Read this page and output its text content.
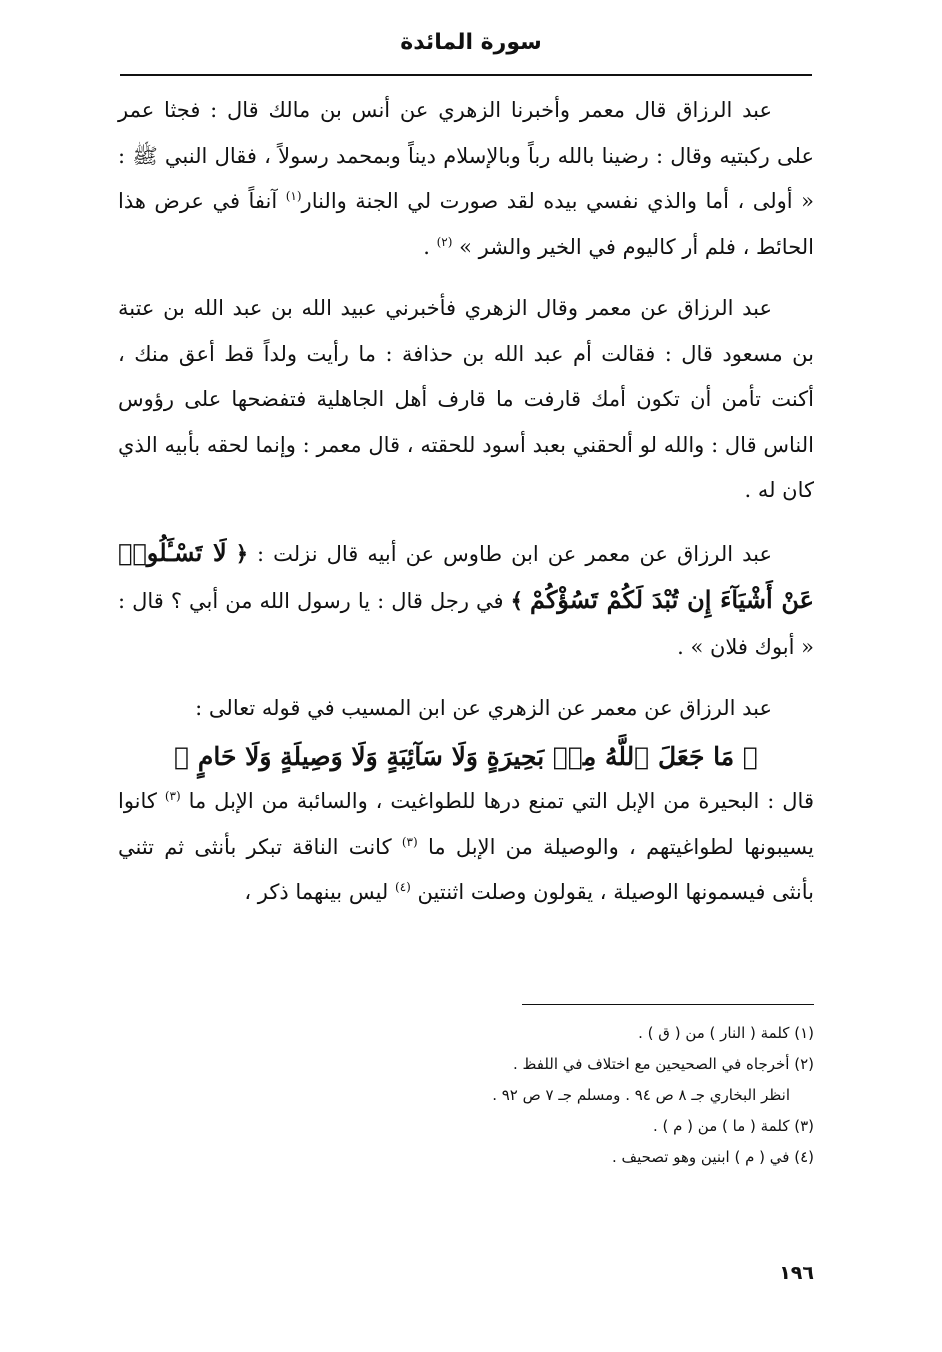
سورة المائدة

عبد الرزاق قال معمر وأخبرنا الزهري عن أنس بن مالك قال : فجثا عمر على ركبتيه وقال : رضينا بالله رباً وبالإسلام ديناً وبمحمد رسولاً ، فقال النبي ﷺ : « أولى ، أما والذي نفسي بيده لقد صورت لي الجنة والنار$^{(١)}$ آنفاً في عرض هذا الحائط ، فلم أر كاليوم في الخير والشر » $^{(٢)}$ .

عبد الرزاق عن معمر وقال الزهري فأخبرني عبيد الله بن عبد الله بن عتبة بن مسعود قال : فقالت أم عبد الله بن حذافة : ما رأيت ولداً قط أعق منك ، أكنت تأمن أن تكون أمك قارفت ما قارف أهل الجاهلية فتفضحها على رؤوس الناس قال : والله لو ألحقني بعبد أسود للحقته ، قال معمر : وإنما لحقه بأبيه الذي كان له .

عبد الرزاق عن معمر عن ابن طاوس عن أبيه قال نزلت : ﴿ لَا تَسْـَٔلُوا۟ عَنْ أَشْيَآءَ إِن تُبْدَ لَكُمْ تَسُؤْكُمْ ﴾ في رجل قال : يا رسول الله من أبي ؟ قال : « أبوك فلان » .

عبد الرزاق عن معمر عن الزهري عن ابن المسيب في قوله تعالى :

﴿ مَا جَعَلَ ٱللَّهُ مِنۢ بَحِيرَةٍ وَلَا سَآئِبَةٍ وَلَا وَصِيلَةٍ وَلَا حَامٍ ﴾

قال : البحيرة من الإبل التي تمنع درها للطواغيت ، والسائبة من الإبل ما $^{(٣)}$ كانوا يسيبونها لطواغيتهم ، والوصيلة من الإبل ما $^{(٣)}$ كانت الناقة تبكر بأنثى ثم تثني بأنثى فيسمونها الوصيلة ، يقولون وصلت اثنتين $^{(٤)}$ ليس بينهما ذكر ،

(١) كلمة ( النار ) من ( ق ) .

(٢) أخرجاه في الصحيحين مع اختلاف في اللفظ .

انظر البخاري جـ ٨ ص ٩٤ . ومسلم جـ ٧ ص ٩٢ .

(٣) كلمة ( ما ) من ( م ) .

(٤) في ( م ) ابنين وهو تصحيف .

١٩٦
